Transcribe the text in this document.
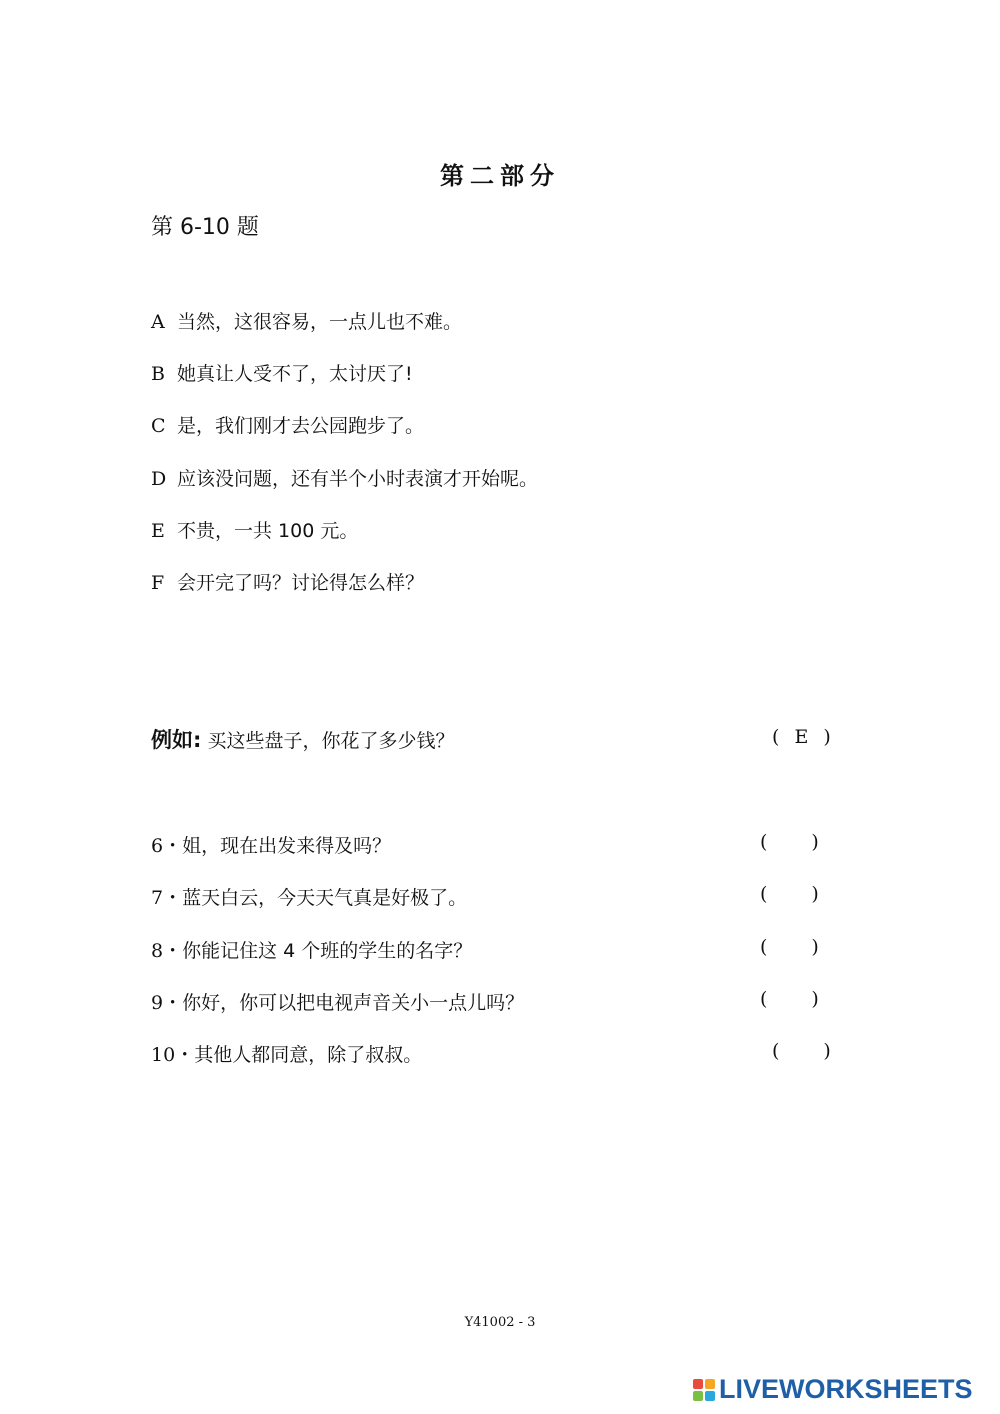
第二部分
第 6-10 题
A 当然，这很容易，一点儿也不难。
B 她真让人受不了，太讨厌了!
C 是，我们刚才去公园跑步了。
D 应该没问题，还有半个小时表演才开始呢。
E 不贵，一共 100 元。
F 会开完了吗？讨论得怎么样？
例如: 买这些盘子，你花了多少钱？	( E )
6・姐，现在出发来得及吗？	( )
7・蓝天白云，今天天气真是好极了。	( )
8・你能记住这 4 个班的学生的名字？	( )
9・你好，你可以把电视声音关小一点儿吗？	( )
10・其他人都同意，除了叔叔。	( )
Y41002 - 3
LIVEWORKSHEETS
